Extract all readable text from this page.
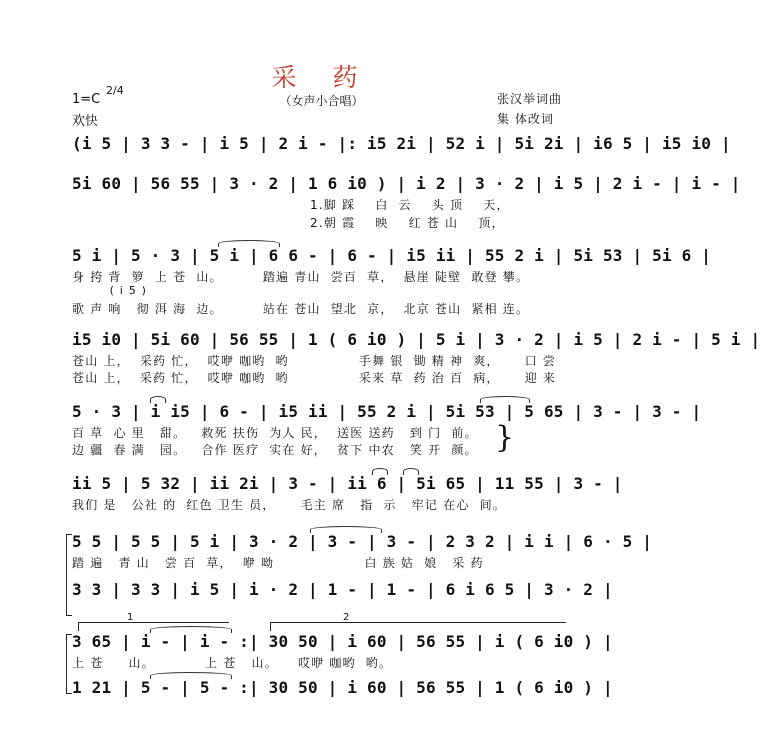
采 药
（女声小合唱）
1=C
2/4
欢快
张汉举词曲
集 体改词
(i 5 | 3 3 - | i 5 | 2 i - |: i5 2i | 52 i | 5i 2i | i6 5 | i5 i0 |
5i 60 | 56 55 | 3 · 2 | 1 6 i0 ) | i 2 | 3 · 2 | i 5 | 2 i - | i - |
1.脚 踩    白  云    头 顶    天，
2.朝 霞    映    红 苍 山    顶，
5 i | 5 · 3 | 5 i | 6 6 - | 6 - | i5 ii | 55 2 i | 5i 53 | 5i 6 |
身 挎 背  箩  上 苍  山。        踏遍 青山  尝百  草，  悬崖 陡壁  敢登 攀。
( i 5 )
歌 声 响   彻 洱 海  边。        站在 苍山  望北  京，  北京 苍山  紧相 连。
i5 i0 | 5i 60 | 56 55 | 1 ( 6 i0 ) | 5 i | 3 · 2 | i 5 | 2 i - | 5 i |
苍山 上，  采药 忙，  哎咿 咖哟  哟              手舞 银  锄 精 神  爽，     口 尝
苍山 上，  采药 忙，  哎咿 咖哟  哟              采来 草  药 治 百  病，     迎 来
5 · 3 | i i5 | 6 - | i5 ii | 55 2 i | 5i 53 | 5 65 | 3 - | 3 - |
百 草  心 里   甜。   救死 扶伤  为人 民，  送医 送药   到 门  前。
边 疆  春 满   园。   合作 医疗  实在 好，  贫下 中农   笑 开  颜。 }
ii 5 | 5 32 | ii 2i | 3 - | ii 6 | 5i 65 | 11 55 | 3 - |
我们 是   公社 的  红色 卫生 员，     毛主 席   指  示   牢记 在心  间。
5 5 | 5 5 | 5 i | 3 · 2 | 3 - | 3 - | 2 3 2 | i i | 6 · 5 |
踏 遍   青 山   尝 百  草，  咿 呦                  白 族 姑  娘   采 药
3 3 | 3 3 | i 5 | i · 2 | 1 - | 1 - | 6 i 6 5 | 3 · 2 |
1	2
3 65 | i - | i - :| 30 50 | i 60 | 56 55 | i ( 6 i0 ) |
上 苍     山。          上 苍   山。    哎咿 咖哟  哟。
1 21 | 5 - | 5 - :| 30 50 | i 60 | 56 55 | 1 ( 6 i0 ) |
